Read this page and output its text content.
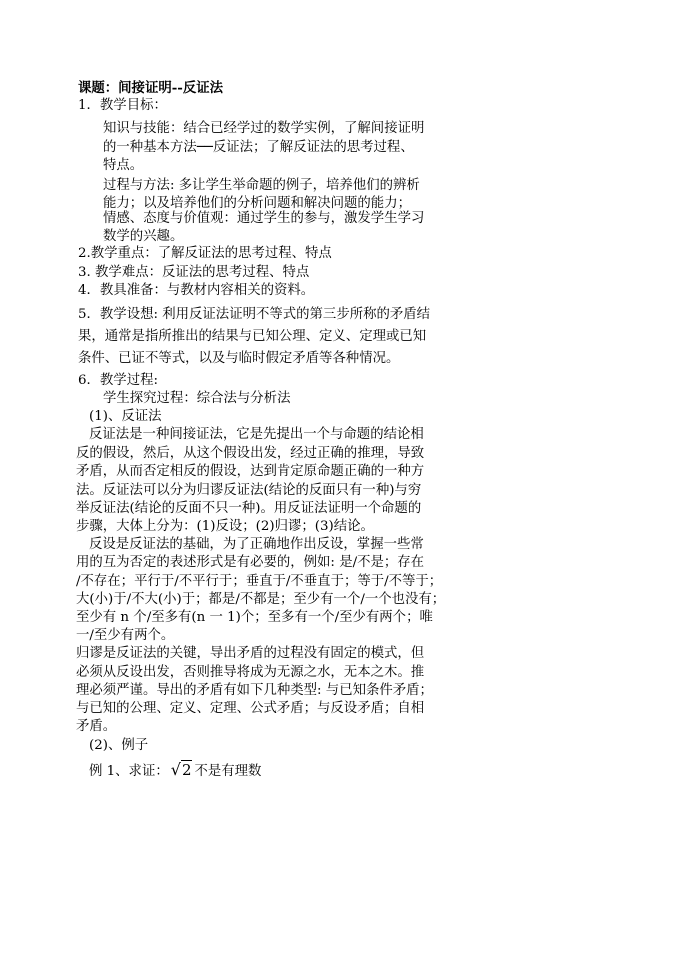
课题：间接证明--反证法
1．教学目标：
知识与技能：结合已经学过的数学实例，了解间接证明
的一种基本方法──反证法；了解反证法的思考过程、
特点。
过程与方法: 多让学生举命题的例子，培养他们的辨析
能力；以及培养他们的分析问题和解决问题的能力；
情感、态度与价值观：通过学生的参与，激发学生学习
数学的兴趣。
2.教学重点：了解反证法的思考过程、特点
3. 教学难点：反证法的思考过程、特点
4．教具准备：与教材内容相关的资料。
5．教学设想: 利用反证法证明不等式的第三步所称的矛盾结
果，通常是指所推出的结果与已知公理、定义、定理或已知
条件、已证不等式，以及与临时假定矛盾等各种情况。
6．教学过程:
学生探究过程：综合法与分析法
(1)、反证法
反证法是一种间接证法，它是先提出一个与命题的结论相
反的假设，然后，从这个假设出发，经过正确的推理，导致
矛盾，从而否定相反的假设，达到肯定原命题正确的一种方
法。反证法可以分为归谬反证法(结论的反面只有一种)与穷
举反证法(结论的反面不只一种)。用反证法证明一个命题的
步骤，大体上分为：(1)反设；(2)归谬；(3)结论。
反设是反证法的基础，为了正确地作出反设，掌握一些常
用的互为否定的表述形式是有必要的，例如: 是/不是；存在
/不存在；平行于/不平行于；垂直于/不垂直于；等于/不等于；
大(小)于/不大(小)于；都是/不都是；至少有一个/一个也没有；
至少有 n 个/至多有(n 一 1)个；至多有一个/至少有两个；唯
一/至少有两个。
归谬是反证法的关键，导出矛盾的过程没有固定的模式，但
必须从反设出发，否则推导将成为无源之水，无本之木。推
理必须严谨。导出的矛盾有如下几种类型: 与已知条件矛盾；
与已知的公理、定义、定理、公式矛盾；与反设矛盾；自相
矛盾。
(2)、例子
例 1、求证： √2 不是有理数
